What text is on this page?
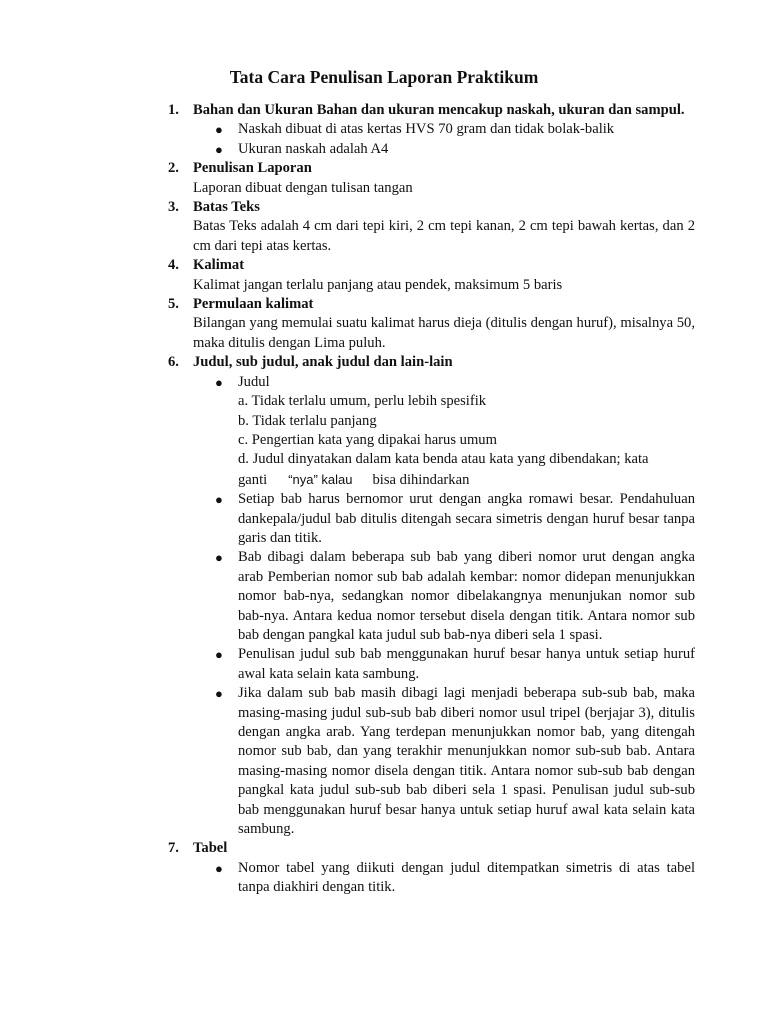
Tata Cara Penulisan Laporan Praktikum
1. Bahan dan Ukuran Bahan dan ukuran mencakup naskah, ukuran dan sampul.
● Naskah dibuat di atas kertas HVS 70 gram dan tidak bolak-balik
● Ukuran naskah adalah A4
2. Penulisan Laporan
Laporan dibuat dengan tulisan tangan
3. Batas Teks
Batas Teks adalah 4 cm dari tepi kiri, 2 cm tepi kanan, 2 cm tepi bawah kertas, dan 2 cm dari tepi atas kertas.
4. Kalimat
Kalimat jangan terlalu panjang atau pendek, maksimum 5 baris
5. Permulaan kalimat
Bilangan yang memulai suatu kalimat harus dieja (ditulis dengan huruf), misalnya 50, maka ditulis dengan Lima puluh.
6. Judul, sub judul, anak judul dan lain-lain
● Judul
a. Tidak terlalu umum, perlu lebih spesifik
b. Tidak terlalu panjang
c. Pengertian kata yang dipakai harus umum
d. Judul dinyatakan dalam kata benda atau kata yang dibendakan; kata
ganti “nya” kalau bisa dihindarkan
● Setiap bab harus bernomor urut dengan angka romawi besar. Pendahuluan dankepala/judul bab ditulis ditengah secara simetris dengan huruf besar tanpa garis dan titik.
● Bab dibagi dalam beberapa sub bab yang diberi nomor urut dengan angka arab Pemberian nomor sub bab adalah kembar: nomor didepan menunjukkan nomor bab-nya, sedangkan nomor dibelakangnya menunjukan nomor sub bab-nya. Antara kedua nomor tersebut disela dengan titik. Antara nomor sub bab dengan pangkal kata judul sub bab-nya diberi sela 1 spasi.
● Penulisan judul sub bab menggunakan huruf besar hanya untuk setiap huruf awal kata selain kata sambung.
● Jika dalam sub bab masih dibagi lagi menjadi beberapa sub-sub bab, maka masing-masing judul sub-sub bab diberi nomor usul tripel (berjajar 3), ditulis dengan angka arab. Yang terdepan menunjukkan nomor bab, yang ditengah nomor sub bab, dan yang terakhir menunjukkan nomor sub-sub bab. Antara masing-masing nomor disela dengan titik. Antara nomor sub-sub bab dengan pangkal kata judul sub-sub bab diberi sela 1 spasi. Penulisan judul sub-sub bab menggunakan huruf besar hanya untuk setiap huruf awal kata selain kata sambung.
7. Tabel
● Nomor tabel yang diikuti dengan judul ditempatkan simetris di atas tabel tanpa diakhiri dengan titik.
